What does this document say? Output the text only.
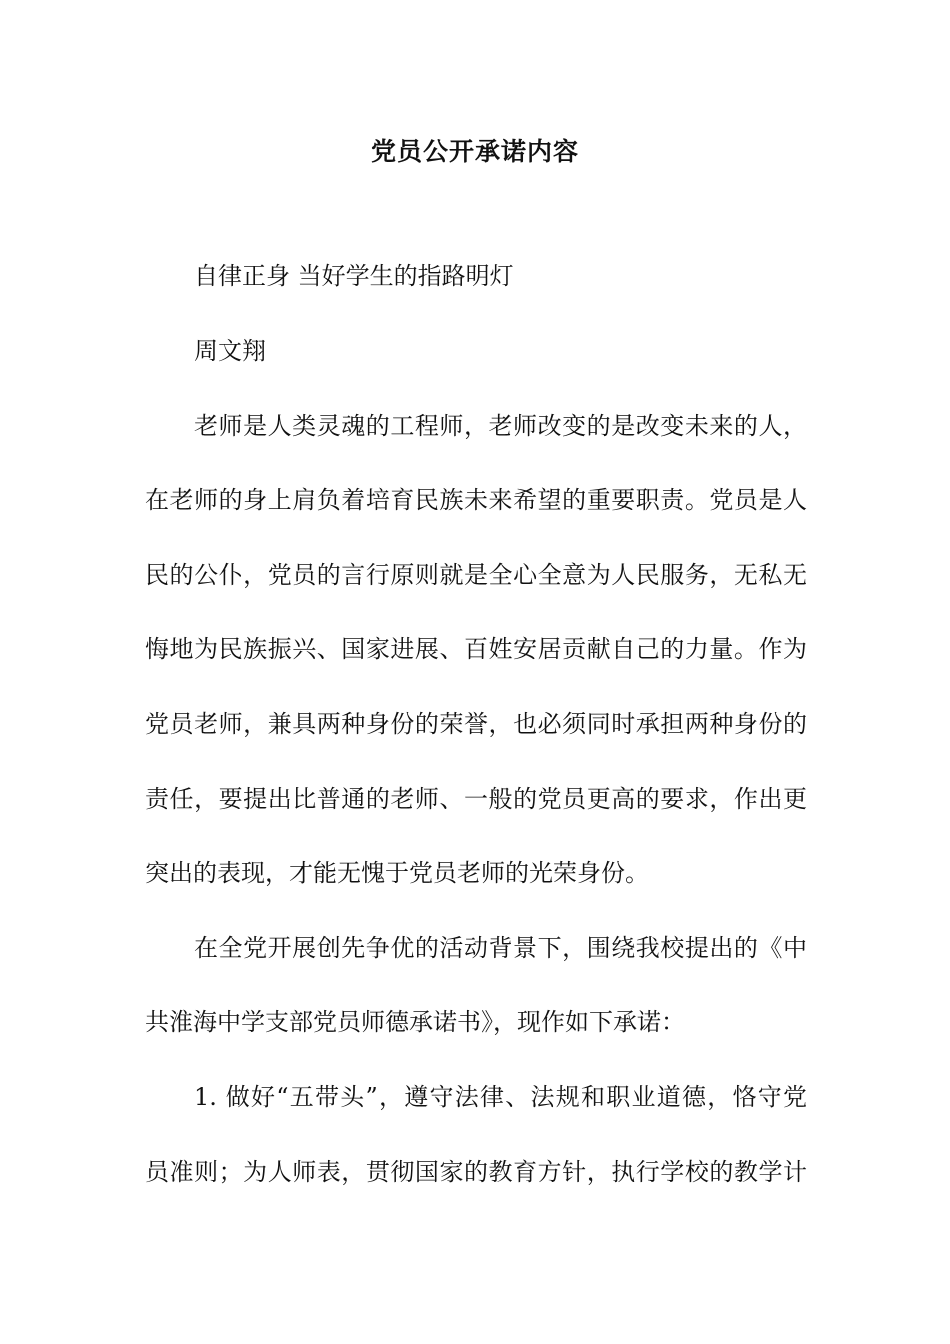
党员公开承诺内容
自律正身 当好学生的指路明灯
周文翔
老师是人类灵魂的工程师，老师改变的是改变未来的人，
在老师的身上肩负着培育民族未来希望的重要职责。党员是人
民的公仆，党员的言行原则就是全心全意为人民服务，无私无
悔地为民族振兴、国家进展、百姓安居贡献自己的力量。作为
党员老师，兼具两种身份的荣誉，也必须同时承担两种身份的
责任，要提出比普通的老师、一般的党员更高的要求，作出更
突出的表现，才能无愧于党员老师的光荣身份。
在全党开展创先争优的活动背景下，围绕我校提出的《中
共淮海中学支部党员师德承诺书》，现作如下承诺：
1. 做好“五带头”，遵守法律、法规和职业道德，恪守党
员准则；为人师表，贯彻国家的教育方针，执行学校的教学计
